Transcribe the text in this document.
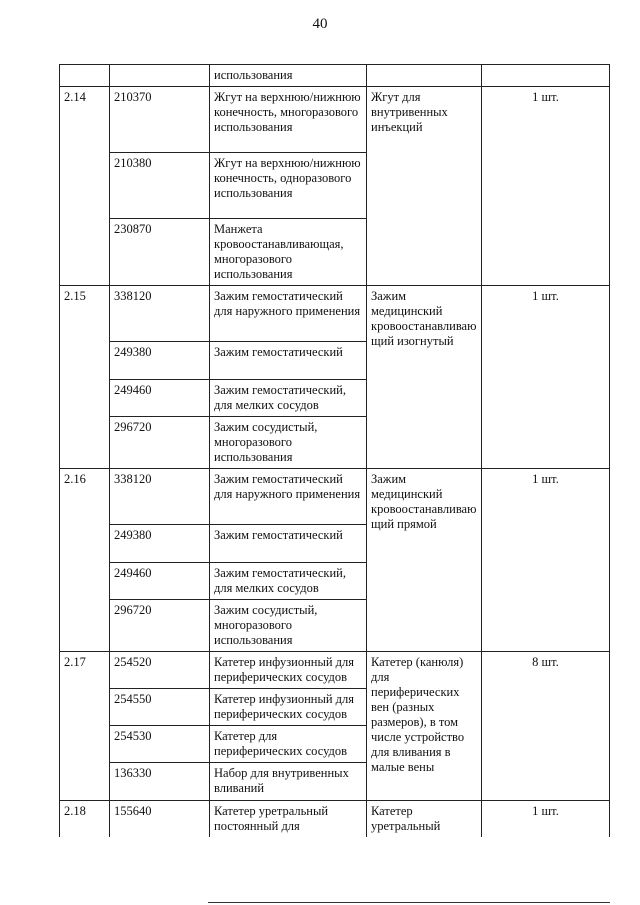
40
		использования		
2.14	210370	Жгут на верхнюю/нижнюю конечность, многоразового использования	Жгут для внутривенных инъекций	1 шт.
	210380	Жгут на верхнюю/нижнюю конечность, одноразового использования		
	230870	Манжета кровоостанавливающая, многоразового использования		
2.15	338120	Зажим гемостатический для наружного применения	Зажим медицинский кровоостанавливающий изогнутый	1 шт.
	249380	Зажим гемостатический		
	249460	Зажим гемостатический, для мелких сосудов		
	296720	Зажим сосудистый, многоразового использования		
2.16	338120	Зажим гемостатический для наружного применения	Зажим медицинский кровоостанавливающий прямой	1 шт.
	249380	Зажим гемостатический		
	249460	Зажим гемостатический, для мелких сосудов		
	296720	Зажим сосудистый, многоразового использования		
2.17	254520	Катетер инфузионный для периферических сосудов	Катетер (канюля) для периферических вен (разных размеров), в том числе устройство для вливания в малые вены	8 шт.
	254550	Катетер инфузионный для периферических сосудов		
	254530	Катетер для периферических сосудов		
	136330	Набор для внутривенных вливаний		
2.18	155640	Катетер уретральный постоянный для	Катетер уретральный	1 шт.
